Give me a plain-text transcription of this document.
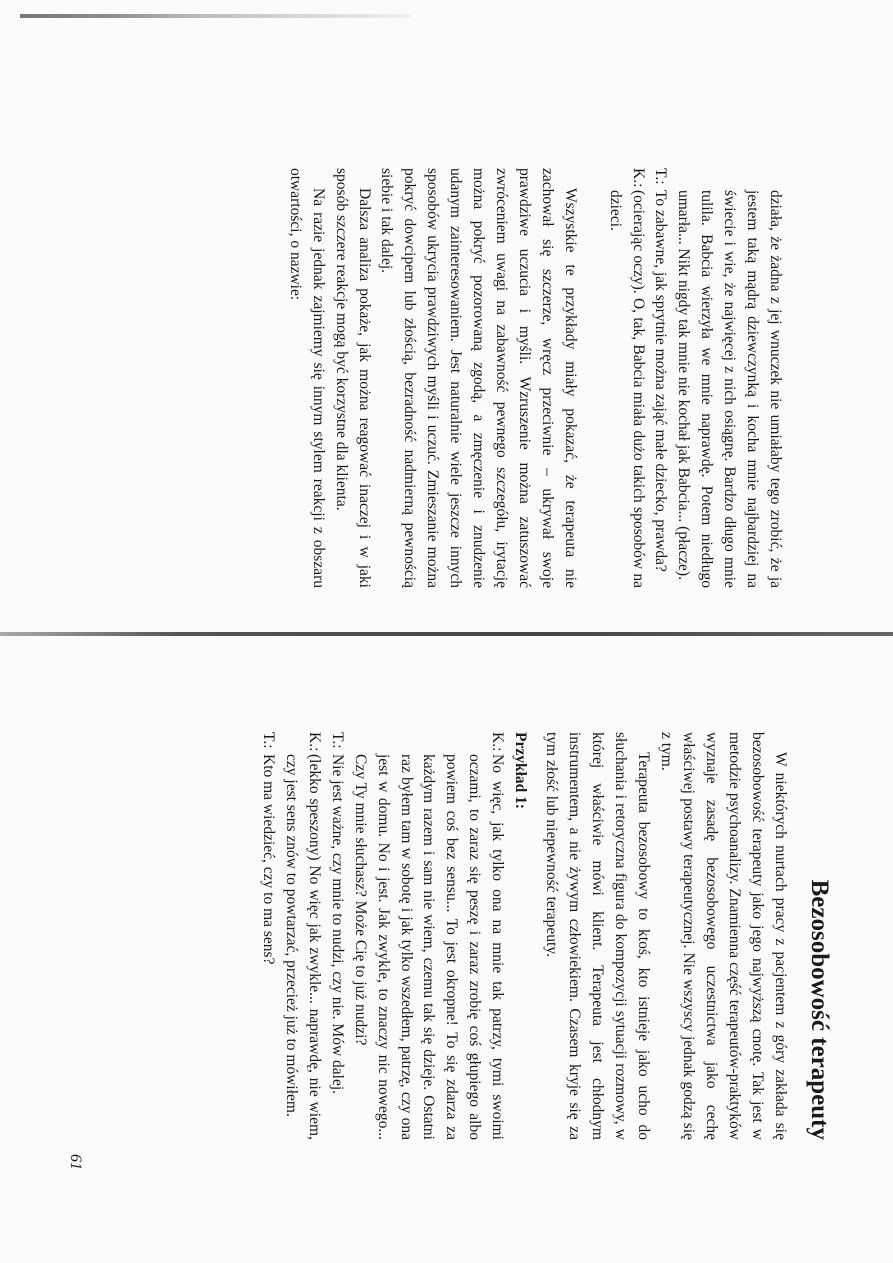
działa, że żadna z jej wnuczek nie umiałaby tego zrobić, że ja jestem taką mądrą dziewczynką i kocha mnie najbardziej na świecie i wie, że najwięcej z nich osiągnę. Bardzo długo mnie tulila. Babcia wierzyła we mnie naprawdę. Potem niedługo umarła... Nikt nigdy tak mnie nie kochał jak Babcia... (płacze).
T.:
To zabawne, jak sprytnie można zająć małe dziecko, prawda?
K.:
(ocierając oczy). O, tak, Babcia miała dużo takich sposobów na dzieci.

Wszystkie te przykłady miały pokazać, że terapeuta nie zachował się szczerze, wręcz przeciwnie – ukrywał swoje prawdziwe uczucia i myśli. Wzruszenie można zatuszować zwróceniem uwagi na zabawność pewnego szczegółu, irytację można pokryć pozorowaną zgodą, a zmęczenie i znudzenie udanym zainteresowaniem. Jest naturalnie wiele jeszcze innych sposobów ukrycia prawdziwych myśli i uczuć. Zmieszanie można pokryć dowcipem lub złością, bezradność nadmierną pewnością siebie i tak dalej.

Dalsza analiza pokaże, jak można reagować inaczej i w jaki sposób szczere reakcje mogą być korzystne dla klienta.

Na razie jednak zajmiemy się innym stylem reakcji z obszaru otwartości, o nazwie:

Bezosobowość terapeuty

W niektórych nurtach pracy z pacjentem z góry zakłada się bezosobowość terapeuty jako jego najwyższą cnotę. Tak jest w metodzie psychoanalizy. Znamienna część terapeutów-praktyków wyznaje zasadę bezosobowego uczestnictwa jako cechę właściwej postawy terapeutycznej. Nie wszyscy jednak godzą się z tym.

Terapeuta bezosobowy to ktoś, kto istnieje jako ucho do słuchania i retoryczna figura do kompozycji sytuacji rozmowy, w której właściwie mówi klient. Terapeuta jest chłodnym instrumentem, a nie żywym człowiekiem. Czasem kryje się za tym złość lub niepewność terapeuty.

Przykład 1:
K.:
No więc, jak tylko ona na mnie tak patrzy, tymi swoimi oczami, to zaraz się peszę i zaraz zrobię coś głupiego albo powiem coś bez sensu... To jest okropne! To się zdarza za każdym razem i sam nie wiem, czemu tak się dzieje. Ostatni raz byłem tam w sobotę i jak tylko wszedłem, patrzę, czy ona jest w domu. No i jest. Jak zwykle, to znaczy nic nowego... Czy Ty mnie słuchasz? Może Cię to już nudzi?
T.:
Nie jest ważne, czy mnie to nudzi, czy nie. Mów dalej.
K.:
(lekko speszony) No więc jak zwykle... naprawdę, nie wiem, czy jest sens znów to powtarzać, przecież już to mówiłem.
T.:
Kto ma wiedzieć, czy to ma sens?
61
